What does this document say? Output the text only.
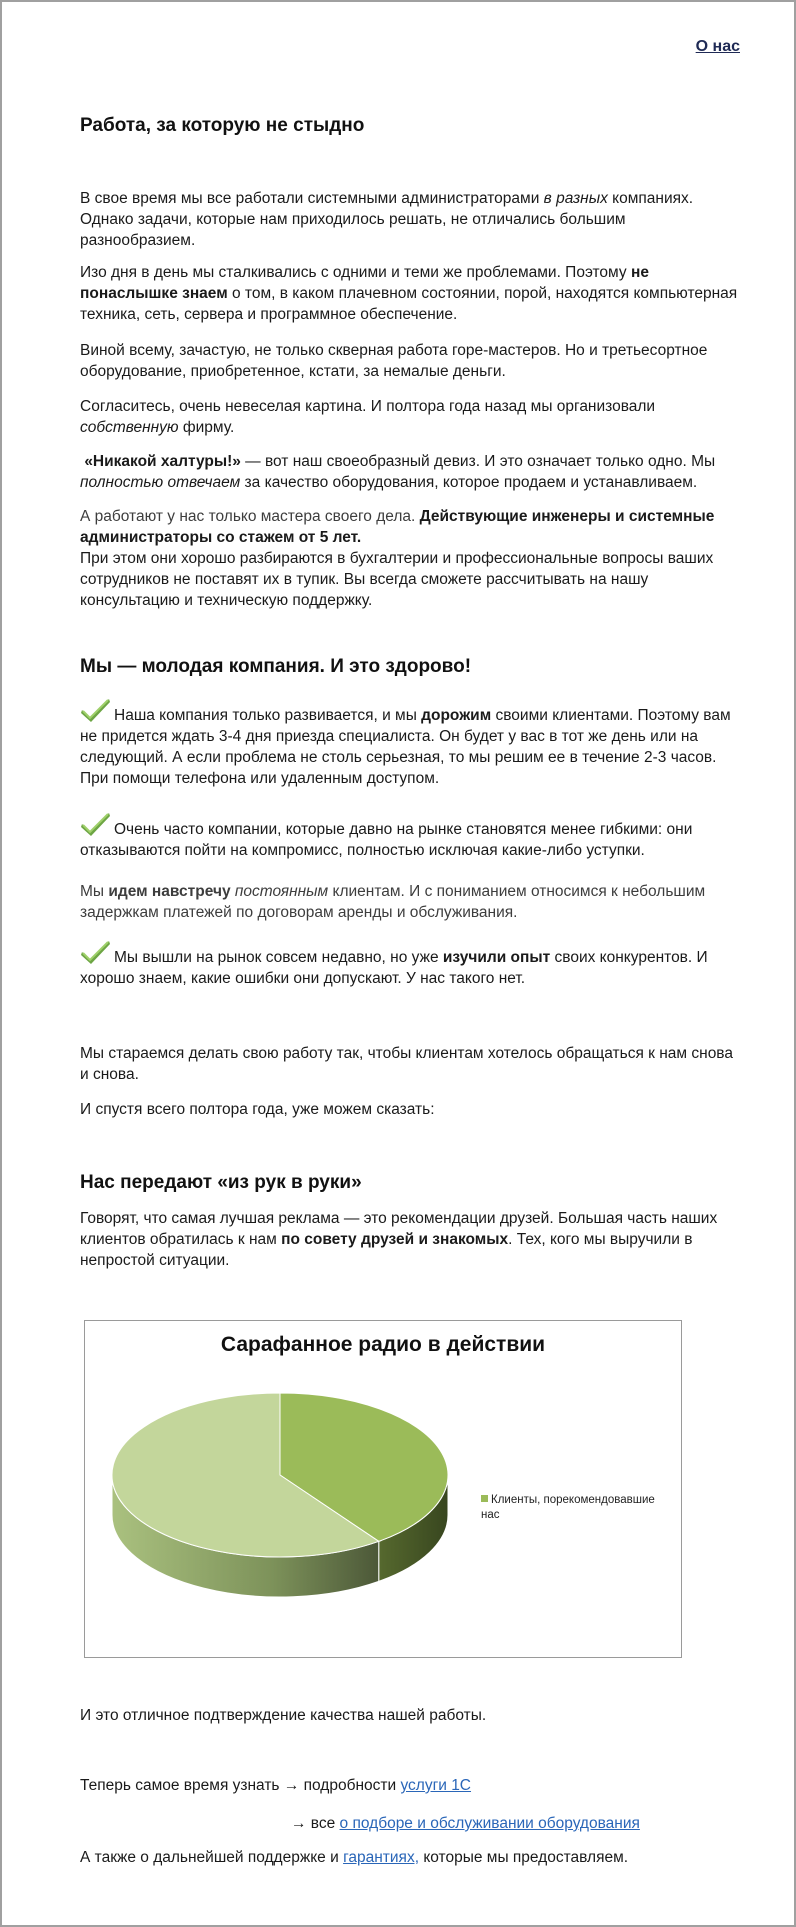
О нас
Работа, за которую не стыдно

В свое время мы все работали системными администраторами в разных компаниях. Однако задачи, которые нам приходилось решать, не отличались большим разнообразием.

Изо дня в день мы сталкивались с одними и теми же проблемами. Поэтому не понаслышке знаем о том, в каком плачевном состоянии, порой, находятся компьютерная техника, сеть, сервера и программное обеспечение.

Виной всему, зачастую, не только скверная работа горе-мастеров. Но и третьесортное оборудование, приобретенное, кстати, за немалые деньги.

Согласитесь, очень невеселая картина. И полтора года назад мы организовали собственную фирму.

«Никакой халтуры!» — вот наш своеобразный девиз. И это означает только одно. Мы полностью отвечаем за качество оборудования, которое продаем и устанавливаем.

А работают у нас только мастера своего дела. Действующие инженеры и системные администраторы со стажем от 5 лет.
При этом они хорошо разбираются в бухгалтерии и профессиональные вопросы ваших сотрудников не поставят их в тупик. Вы всегда сможете рассчитывать на нашу консультацию и техническую поддержку.

Мы — молодая компания. И это здорово!

Наша компания только развивается, и мы дорожим своими клиентами. Поэтому вам не придется ждать 3-4 дня приезда специалиста. Он будет у вас в тот же день или на следующий. А если проблема не столь серьезная, то мы решим ее в течение 2-3 часов. При помощи телефона или удаленным доступом.

Очень часто компании, которые давно на рынке становятся менее гибкими: они отказываются пойти на компромисс, полностью исключая какие-либо уступки.

Мы идем навстречу постоянным клиентам. И с пониманием относимся к небольшим задержкам платежей по договорам аренды и обслуживания.

Мы вышли на рынок совсем недавно, но уже изучили опыт своих конкурентов. И хорошо знаем, какие ошибки они допускают. У нас такого нет.

Мы стараемся делать свою работу так, чтобы клиентам хотелось обращаться к нам снова и снова.

И спустя всего полтора года, уже можем сказать:

Нас передают «из рук в руки»

Говорят, что самая лучшая реклама — это рекомендации друзей. Большая часть наших клиентов обратилась к нам по совету друзей и знакомых. Тех, кого мы выручили в непростой ситуации.

Сарафанное радио в действии
Клиенты, порекомендовавшие нас

И это отличное подтверждение качества нашей работы.

Теперь самое время узнать → подробности услуги 1С

→ все о подборе и обслуживании оборудования

А также о дальнейшей поддержке и гарантиях, которые мы предоставляем.
